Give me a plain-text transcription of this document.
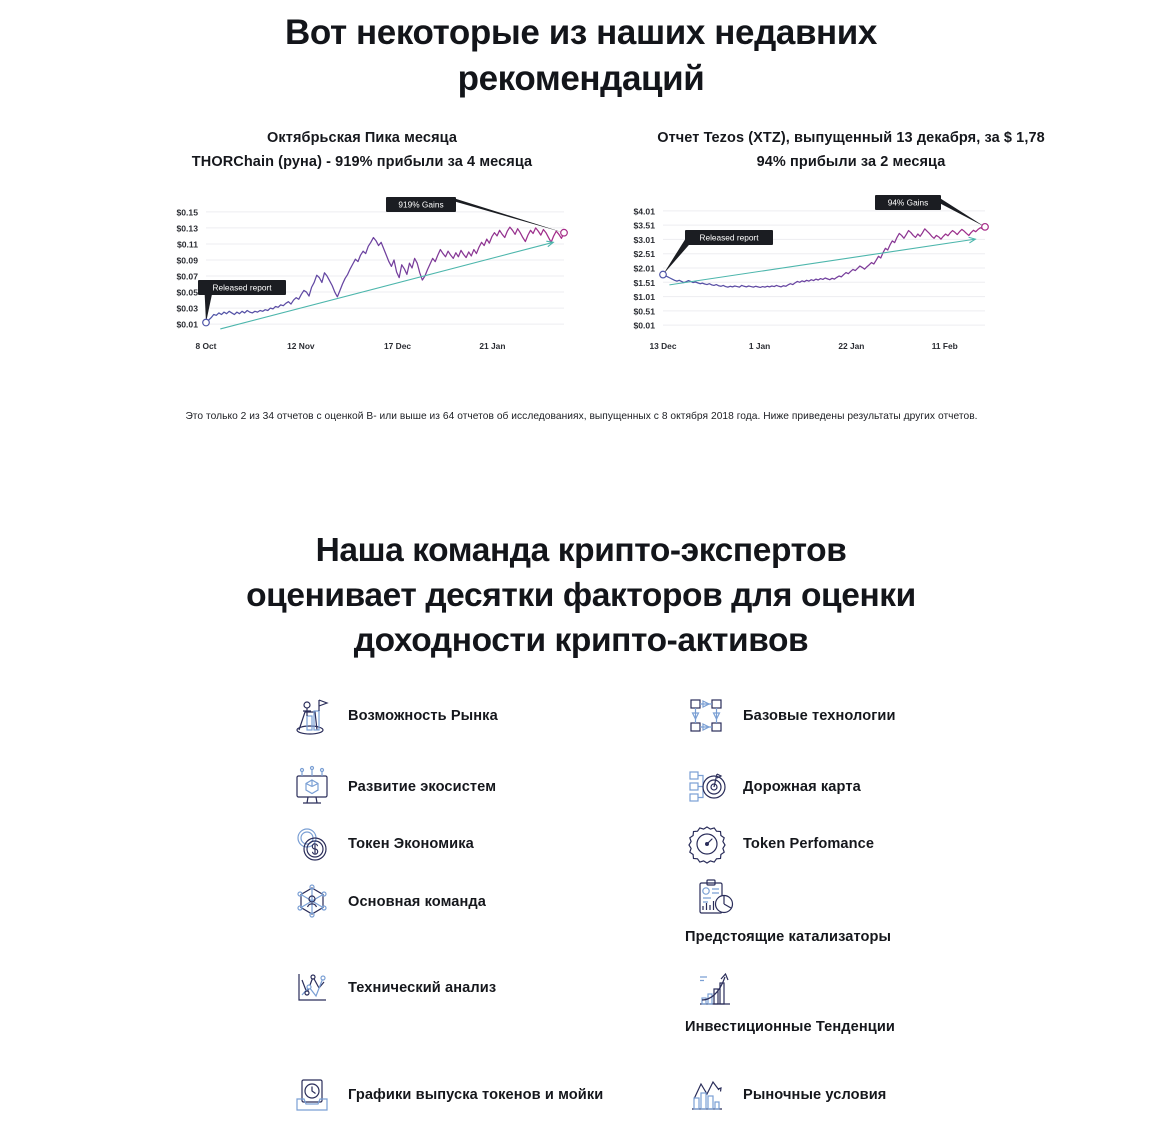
Вот некоторые из наших недавних рекомендаций
Октябрьская Пика месяца
THORChain (руна) - 919% прибыли за 4 месяца
$0.15
$0.13
$0.11
$0.09
$0.07
$0.05
$0.03
$0.01
8 Oct	12 Nov	17 Dec	21 Jan
Released report
919% Gains
Отчет Tezos (XTZ), выпущенный 13 декабря, за $ 1,78
94% прибыли за 2 месяца
$4.01
$3.51
$3.01
$2.51
$2.01
$1.51
$1.01
$0.51
$0.01
13 Dec	1 Jan	22 Jan	11 Feb
Released report
94% Gains

Это только 2 из 34 отчетов с оценкой B- или выше из 64 отчетов об исследованиях, выпущенных с 8 октября 2018 года. Ниже приведены результаты других отчетов.

Наша команда крипто-экспертов оценивает десятки факторов для оценки доходности крипто-активов
Возможность Рынка
Развитие экосистем
Токен Экономика
Основная команда
Технический анализ
Графики выпуска токенов и мойки
Базовые технологии
Дорожная карта
Token Perfomance
Предстоящие катализаторы
Инвестиционные Тенденции
Рыночные условия
